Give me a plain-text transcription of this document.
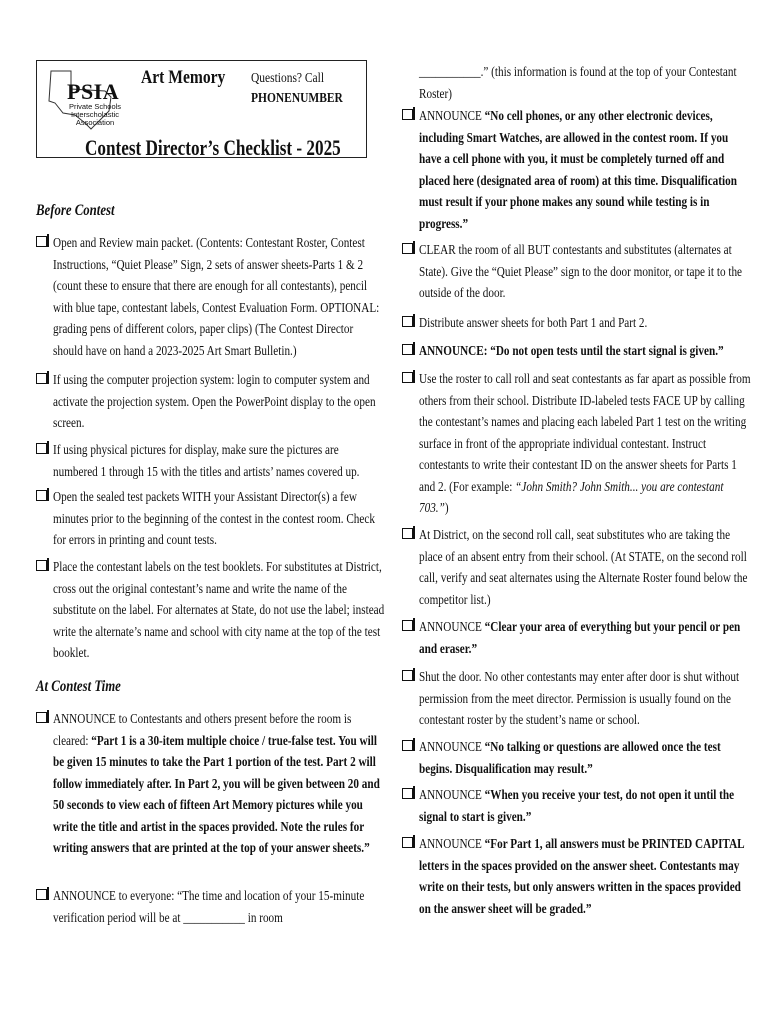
PSIA
Private Schools Interscholastic Association
Art Memory Questions? Call
PHONENUMBER
Contest Director’s Checklist - 2025
Before Contest
Open and Review main packet. (Contents: Contestant Roster, Contest Instructions, “Quiet Please” Sign, 2 sets of answer sheets-Parts 1 & 2 (count these to ensure that there are enough for all contestants), pencil with blue tape, contestant labels, Contest Evaluation Form. OPTIONAL: grading pens of different colors, paper clips) (The Contest Director should have on hand a 2023-2025 Art Smart Bulletin.)
If using the computer projection system: login to computer system and activate the projection system. Open the PowerPoint display to the open screen.
If using physical pictures for display, make sure the pictures are numbered 1 through 15 with the titles and artists’ names covered up.
Open the sealed test packets WITH your Assistant Director(s) a few minutes prior to the beginning of the contest in the contest room. Check for errors in printing and count tests.
Place the contestant labels on the test booklets. For substitutes at District, cross out the original contestant’s name and write the name of the substitute on the label. For alternates at State, do not use the label; instead write the alternate’s name and school with city name at the top of the test booklet.
At Contest Time
ANNOUNCE to Contestants and others present before the room is cleared: “Part 1 is a 30-item multiple choice / true-false test. You will be given 15 minutes to take the Part 1 portion of the test. Part 2 will follow immediately after. In Part 2, you will be given between 20 and 50 seconds to view each of fifteen Art Memory pictures while you write the title and artist in the spaces provided. Note the rules for writing answers that are printed at the top of your answer sheets.”
ANNOUNCE to everyone: “The time and location of your 15-minute verification period will be at ___________ in room
___________.” (this information is found at the top of your Contestant Roster)
ANNOUNCE “No cell phones, or any other electronic devices, including Smart Watches, are allowed in the contest room. If you have a cell phone with you, it must be completely turned off and placed here (designated area of room) at this time. Disqualification must result if your phone makes any sound while testing is in progress.”
CLEAR the room of all BUT contestants and substitutes (alternates at State). Give the “Quiet Please” sign to the door monitor, or tape it to the outside of the door.
Distribute answer sheets for both Part 1 and Part 2.
ANNOUNCE: “Do not open tests until the start signal is given.”
Use the roster to call roll and seat contestants as far apart as possible from others from their school. Distribute ID-labeled tests FACE UP by calling the contestant’s names and placing each labeled Part 1 test on the writing surface in front of the appropriate individual contestant. Instruct contestants to write their contestant ID on the answer sheets for Parts 1 and 2. (For example: “John Smith? John Smith... you are contestant 703.”)
At District, on the second roll call, seat substitutes who are taking the place of an absent entry from their school. (At STATE, on the second roll call, verify and seat alternates using the Alternate Roster found below the competitor list.)
ANNOUNCE “Clear your area of everything but your pencil or pen and eraser.”
Shut the door. No other contestants may enter after door is shut without permission from the meet director. Permission is usually found on the contestant roster by the student’s name or school.
ANNOUNCE “No talking or questions are allowed once the test begins. Disqualification may result.”
ANNOUNCE “When you receive your test, do not open it until the signal to start is given.”
ANNOUNCE “For Part 1, all answers must be PRINTED CAPITAL letters in the spaces provided on the answer sheet. Contestants may write on their tests, but only answers written in the spaces provided on the answer sheet will be graded.”
